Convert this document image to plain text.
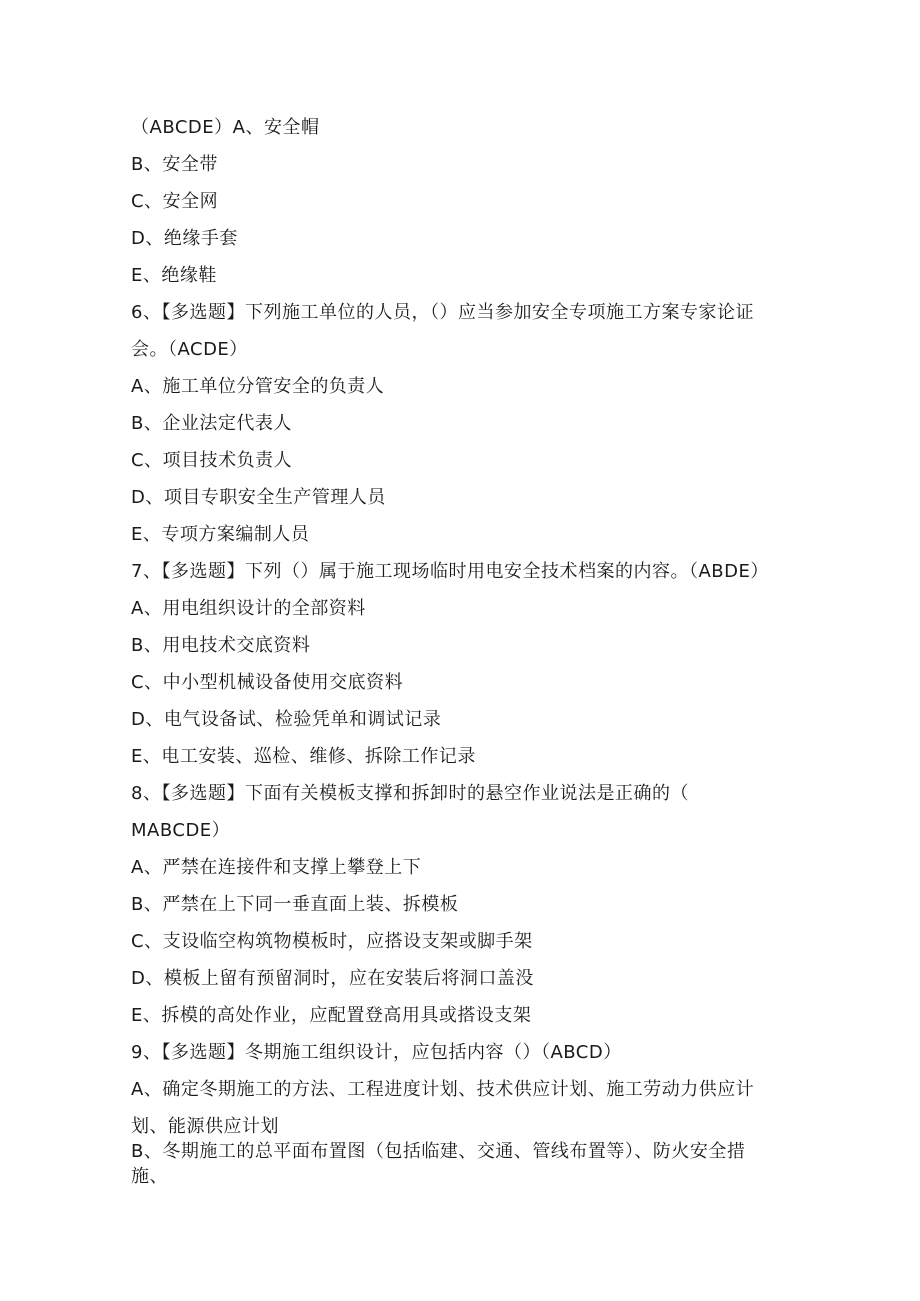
（ABCDE）A、安全帽
B、安全带
C、安全网
D、绝缘手套
E、绝缘鞋
6、【多选题】下列施工单位的人员，（）应当参加安全专项施工方案专家论证
会。（ACDE）
A、施工单位分管安全的负责人
B、企业法定代表人
C、项目技术负责人
D、项目专职安全生产管理人员
E、专项方案编制人员
7、【多选题】下列（）属于施工现场临时用电安全技术档案的内容。（ABDE）
A、用电组织设计的全部资料
B、用电技术交底资料
C、中小型机械设备使用交底资料
D、电气设备试、检验凭单和调试记录
E、电工安装、巡检、维修、拆除工作记录
8、【多选题】下面有关模板支撑和拆卸时的悬空作业说法是正确的（
MABCDE）
A、严禁在连接件和支撑上攀登上下
B、严禁在上下同一垂直面上装、拆模板
C、支设临空构筑物模板时，应搭设支架或脚手架
D、模板上留有预留洞时，应在安装后将洞口盖没
E、拆模的高处作业，应配置登高用具或搭设支架
9、【多选题】冬期施工组织设计，应包括内容（）（ABCD）
A、确定冬期施工的方法、工程进度计划、技术供应计划、施工劳动力供应计
划、能源供应计划
B、冬期施工的总平面布置图（包括临建、交通、管线布置等）、防火安全措
施、
